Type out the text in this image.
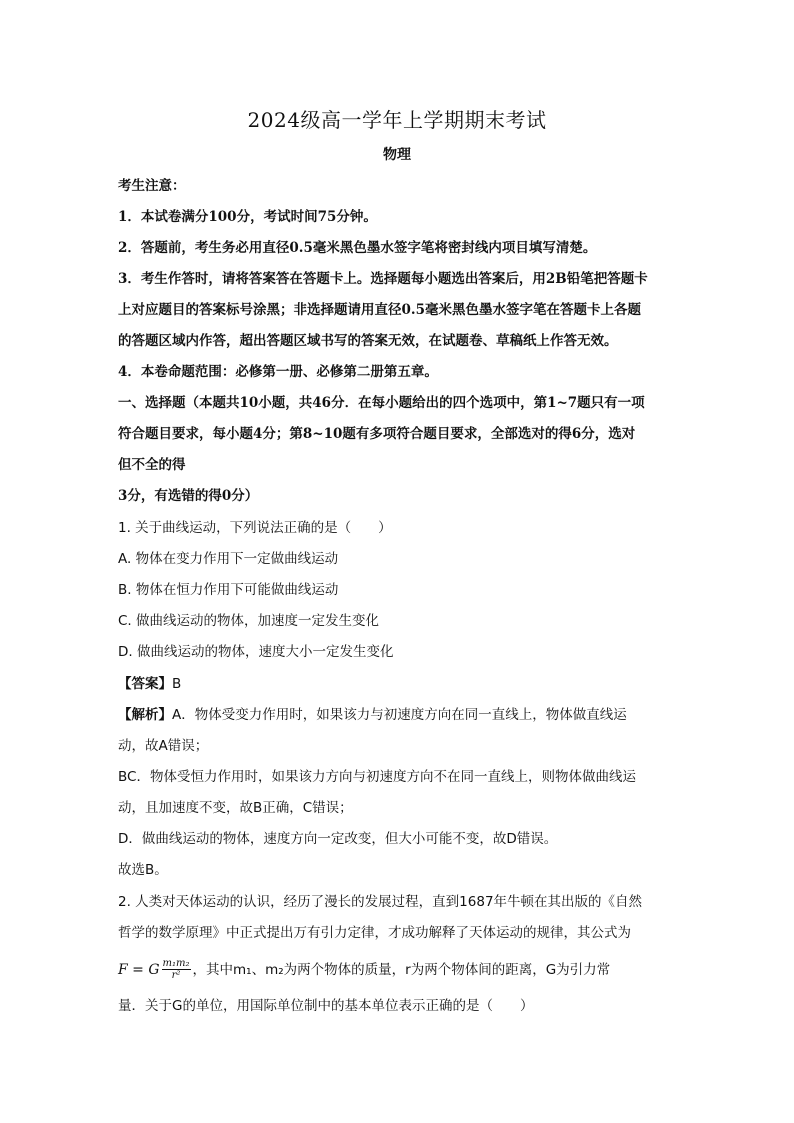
2024级高一学年上学期期末考试
物理
考生注意：
1．本试卷满分100分，考试时间75分钟。
2．答题前，考生务必用直径0.5毫米黑色墨水签字笔将密封线内项目填写清楚。
3．考生作答时，请将答案答在答题卡上。选择题每小题选出答案后，用2B铅笔把答题卡
上对应题目的答案标号涂黑；非选择题请用直径0.5毫米黑色墨水签字笔在答题卡上各题
的答题区域内作答，超出答题区域书写的答案无效，在试题卷、草稿纸上作答无效。
4．本卷命题范围：必修第一册、必修第二册第五章。
一、选择题（本题共10小题，共46分．在每小题给出的四个选项中，第1~7题只有一项
符合题目要求，每小题4分；第8~10题有多项符合题目要求，全部选对的得6分，选对
但不全的得
3分，有选错的得0分）
1. 关于曲线运动，下列说法正确的是（　　）
A. 物体在变力作用下一定做曲线运动
B. 物体在恒力作用下可能做曲线运动
C. 做曲线运动的物体，加速度一定发生变化
D. 做曲线运动的物体，速度大小一定发生变化
【答案】B
【解析】A．物体受变力作用时，如果该力与初速度方向在同一直线上，物体做直线运
动，故A错误；
BC．物体受恒力作用时，如果该力方向与初速度方向不在同一直线上，则物体做曲线运
动，且加速度不变，故B正确，C错误；
D．做曲线运动的物体，速度方向一定改变，但大小可能不变，故D错误。
故选B。
2. 人类对天体运动的认识，经历了漫长的发展过程，直到1687年牛顿在其出版的《自然
哲学的数学原理》中正式提出万有引力定律，才成功解释了天体运动的规律，其公式为
F = G $\frac{\text{m₁m₂}}{\text{r²}}$ ，其中m₁、m₂为两个物体的质量，r为两个物体间的距离，G为引力常
量．关于G的单位，用国际单位制中的基本单位表示正确的是（　　）
